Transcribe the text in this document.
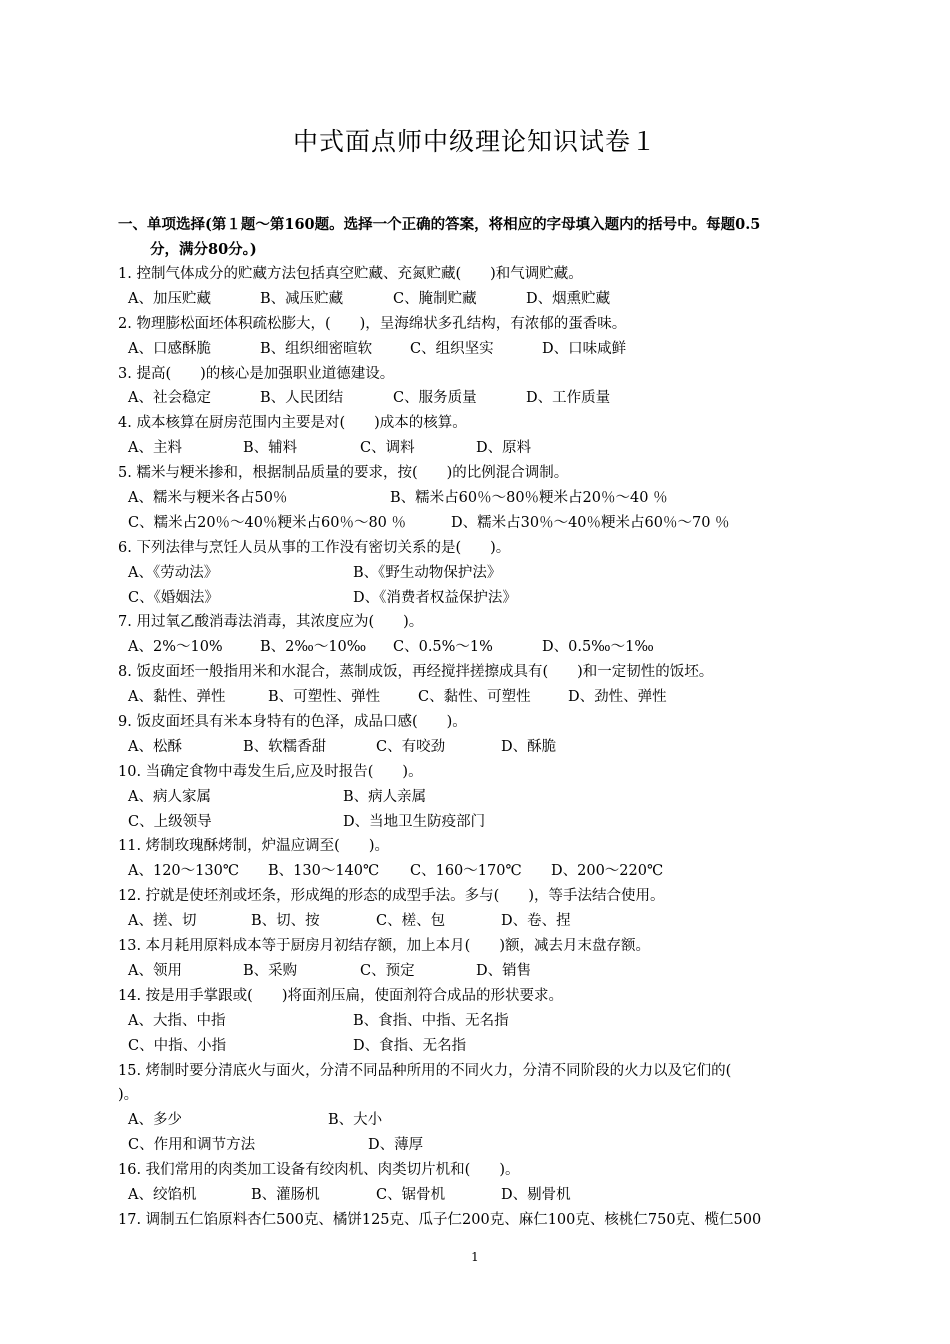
中式面点师中级理论知识试卷１
一、单项选择(第１题～第160题。选择一个正确的答案，将相应的字母填入题内的括号中。每题0.5
分，满分80分。)
1. 控制气体成分的贮藏方法包括真空贮藏、充氮贮藏(　　)和气调贮藏。
A、加压贮藏	B、减压贮藏	C、腌制贮藏	D、烟熏贮藏
2. 物理膨松面坯体积疏松膨大，(　　)，呈海绵状多孔结构，有浓郁的蛋香味。
A、口感酥脆	B、组织细密暄软	C、组织坚实	D、口味咸鲜
3. 提高(　　)的核心是加强职业道德建设。
A、社会稳定	B、人民团结	C、服务质量	D、工作质量
4. 成本核算在厨房范围内主要是对(　　)成本的核算。
A、主料	B、辅料	C、调料	D、原料
5. 糯米与粳米掺和，根据制品质量的要求，按(　　)的比例混合调制。
A、糯米与粳米各占50％	B、糯米占60％～80％粳米占20％～40 ％
C、糯米占20％～40％粳米占60％～80 ％	D、糯米占30％～40％粳米占60％～70 ％
6. 下列法律与烹饪人员从事的工作没有密切关系的是(　　)。
A、《劳动法》	B、《野生动物保护法》
C、《婚姻法》	D、《消费者权益保护法》
7. 用过氧乙酸消毒法消毒，其浓度应为(　　)。
A、2%～10%	B、2‰～10‰ C、0.5%～1%	D、0.5‰～1‰
8. 饭皮面坯一般指用米和水混合，蒸制成饭，再经搅拌搓擦成具有(　　)和一定韧性的饭坯。
A、黏性、弹性	B、可塑性、弹性	C、黏性、可塑性	D、劲性、弹性
9. 饭皮面坯具有米本身特有的色泽，成品口感(　　)。
A、松酥	B、软糯香甜	C、有咬劲	D、酥脆
10. 当确定食物中毒发生后,应及时报告(　　)。
A、病人家属	B、病人亲属
C、上级领导	D、当地卫生防疫部门
11. 烤制玫瑰酥烤制，炉温应调至(　　)。
A、120～130℃ B、130～140℃ C、160～170℃ D、200～220℃
12. 拧就是使坯剂或坯条，形成绳的形态的成型手法。多与(　　)，等手法结合使用。
A、搓、切	B、切、按	C、槎、包	D、卷、捏
13. 本月耗用原料成本等于厨房月初结存额，加上本月(　　)额，减去月末盘存额。
A、领用	B、采购	C、预定	D、销售
14. 按是用手掌跟或(　　)将面剂压扁，使面剂符合成品的形状要求。
A、大指、中指	B、食指、中指、无名指
C、中指、小指	D、食指、无名指
15. 烤制时要分清底火与面火，分清不同品种所用的不同火力，分清不同阶段的火力以及它们的(
)。
A、多少	B、大小
C、作用和调节方法	D、薄厚
16. 我们常用的肉类加工设备有绞肉机、肉类切片机和(　　)。
A、绞馅机	B、灌肠机	C、锯骨机	D、剔骨机
17. 调制五仁馅原料杏仁500克、橘饼125克、瓜子仁200克、麻仁100克、核桃仁750克、榄仁500
1
